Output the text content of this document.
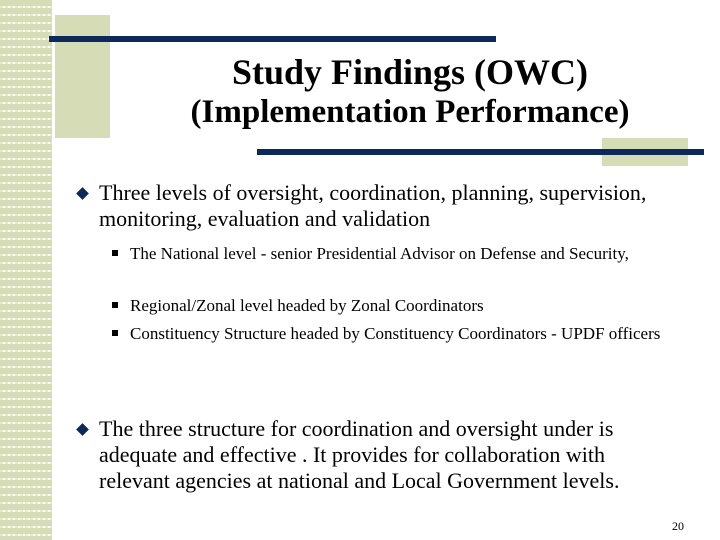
Study Findings (OWC)
(Implementation Performance)
Three levels of oversight, coordination, planning, supervision, monitoring, evaluation and validation
The National level - senior Presidential Advisor on Defense and Security,
Regional/Zonal level headed by Zonal Coordinators
Constituency Structure headed by Constituency Coordinators - UPDF officers
The three structure for coordination and oversight under is adequate and effective . It provides for collaboration with relevant agencies at national and Local Government levels.
20
